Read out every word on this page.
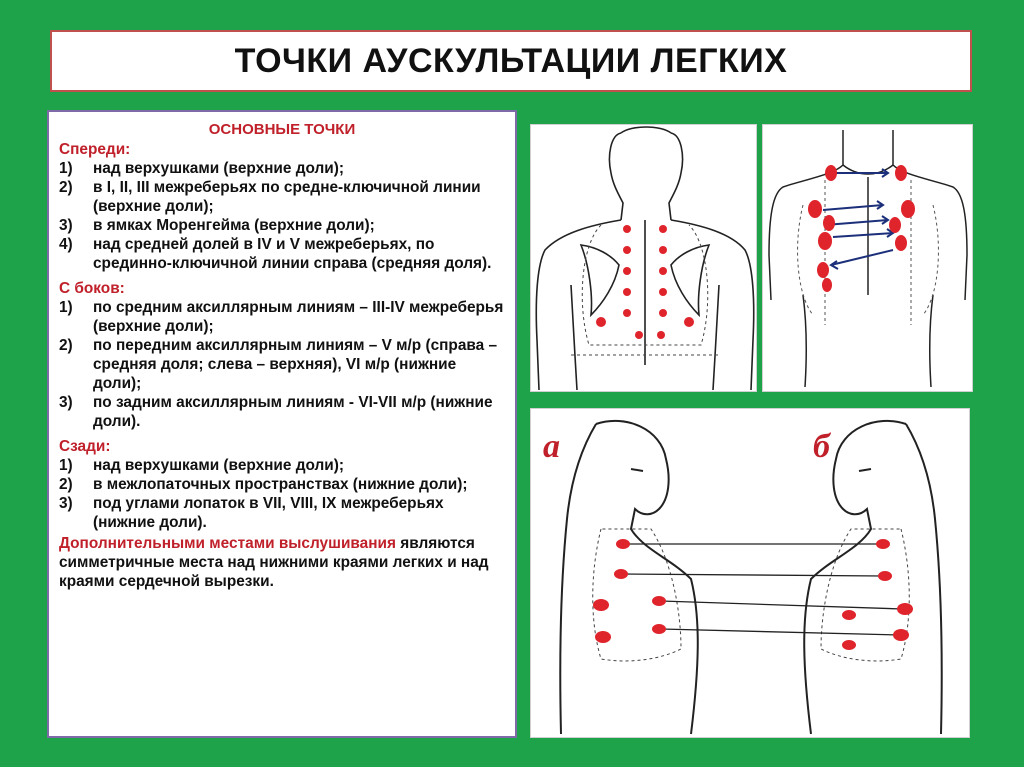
ТОЧКИ АУСКУЛЬТАЦИИ ЛЕГКИХ
ОСНОВНЫЕ ТОЧКИ
Спереди:
1)	над верхушками (верхние доли);
2)	в I, II, III межреберьях по средне-ключичной линии (верхние доли);
3)	в ямках Моренгейма (верхние доли);
4)	над средней долей в IV и V межреберьях, по срединно-ключичной линии справа (средняя доля).
С боков:
1)	по средним аксиллярным линиям – III-IV межреберья (верхние доли);
2)	по передним аксиллярным линиям – V м/р (справа – средняя доля; слева – верхняя), VI м/р (нижние доли);
3)	по задним аксиллярным линиям - VI-VII м/р (нижние доли).
Сзади:
1)	над верхушками (верхние доли);
2)	в межлопаточных пространствах (нижние доли);
3)	под углами лопаток в VII, VIII, IX межреберьях (нижние доли).
Дополнительными местами выслушивания являются симметричные места над нижними краями легких и над краями сердечной вырезки.
а	б
